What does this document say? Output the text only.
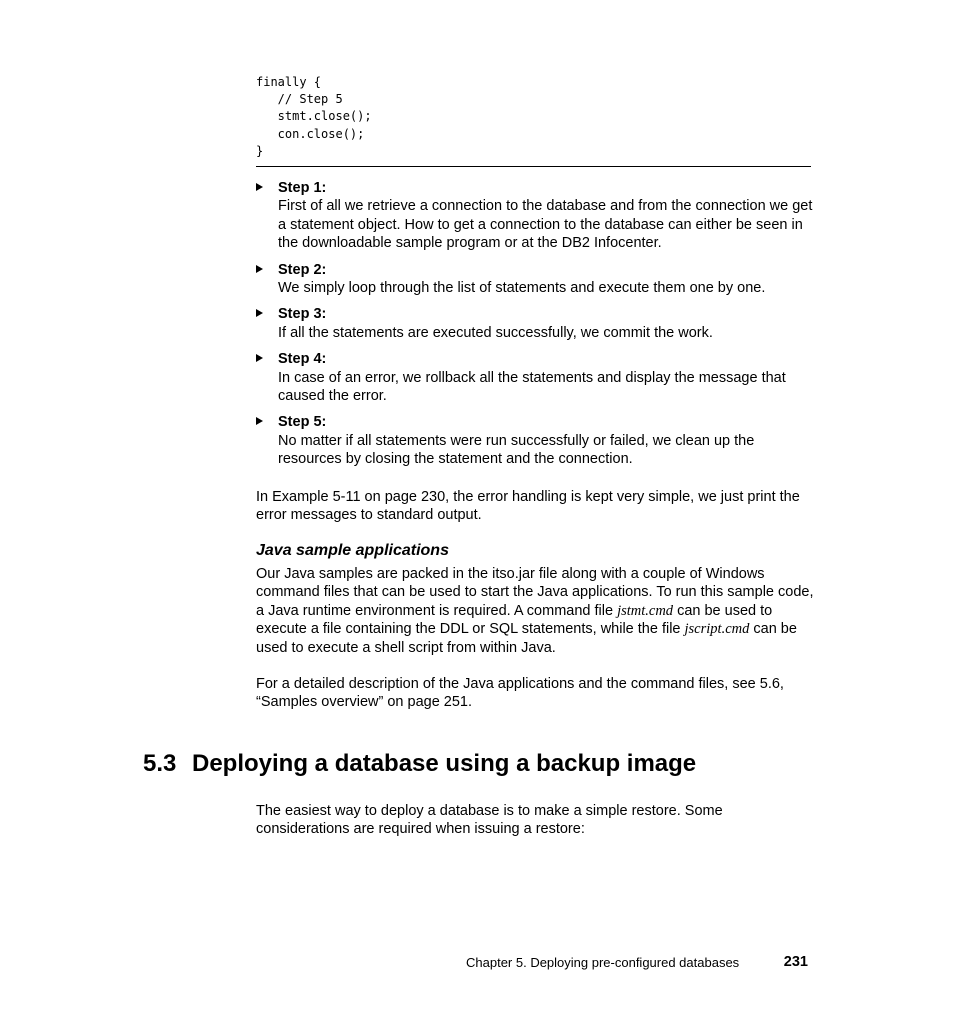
finally {
// Step 5
stmt.close();
con.close();
}
Step 1:
First of all we retrieve a connection to the database and from the connection we get a statement object. How to get a connection to the database can either be seen in the downloadable sample program or at the DB2 Infocenter.
Step 2:
We simply loop through the list of statements and execute them one by one.
Step 3:
If all the statements are executed successfully, we commit the work.
Step 4:
In case of an error, we rollback all the statements and display the message that caused the error.
Step 5:
No matter if all statements were run successfully or failed, we clean up the resources by closing the statement and the connection.

In Example 5-11 on page 230, the error handling is kept very simple, we just print the error messages to standard output.

Java sample applications

Our Java samples are packed in the itso.jar file along with a couple of Windows command files that can be used to start the Java applications. To run this sample code, a Java runtime environment is required. A command file jstmt.cmd can be used to execute a file containing the DDL or SQL statements, while the file jscript.cmd can be used to execute a shell script from within Java.

For a detailed description of the Java applications and the command files, see 5.6, “Samples overview” on page 251.

5.3 Deploying a database using a backup image

The easiest way to deploy a database is to make a simple restore. Some considerations are required when issuing a restore:

Chapter 5. Deploying pre-configured databases	231
